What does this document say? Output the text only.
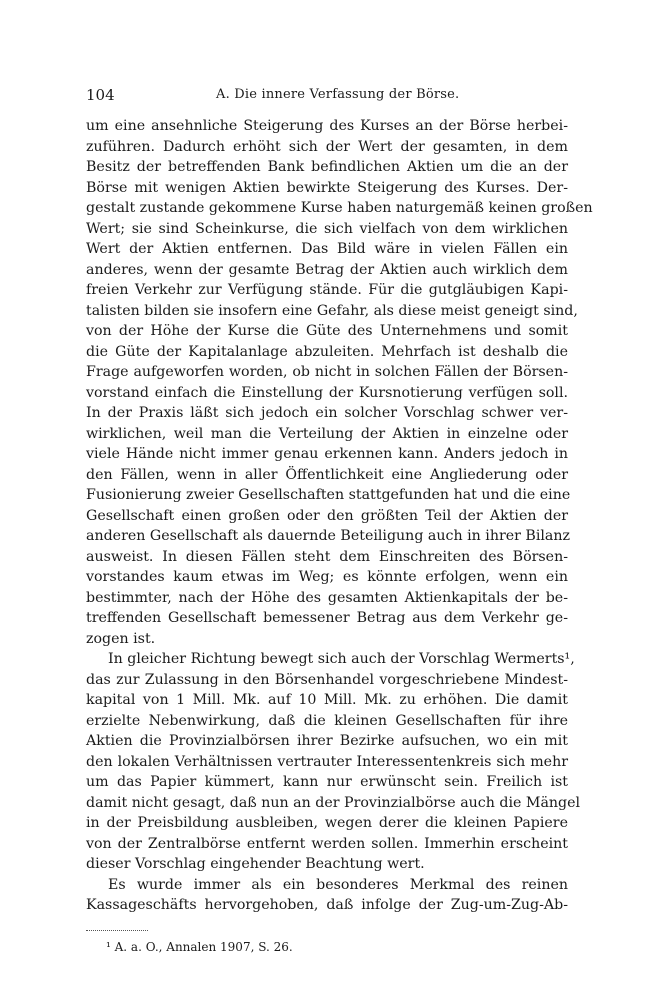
104	A. Die innere Verfassung der Börse.
um eine ansehnliche Steigerung des Kurses an der Börse herbei-
zuführen. Dadurch erhöht sich der Wert der gesamten, in dem
Besitz der betreffenden Bank befindlichen Aktien um die an der
Börse mit wenigen Aktien bewirkte Steigerung des Kurses. Der-
gestalt zustande gekommene Kurse haben naturgemäß keinen großen
Wert; sie sind Scheinkurse, die sich vielfach von dem wirklichen
Wert der Aktien entfernen. Das Bild wäre in vielen Fällen ein
anderes, wenn der gesamte Betrag der Aktien auch wirklich dem
freien Verkehr zur Verfügung stände. Für die gutgläubigen Kapi-
talisten bilden sie insofern eine Gefahr, als diese meist geneigt sind,
von der Höhe der Kurse die Güte des Unternehmens und somit
die Güte der Kapitalanlage abzuleiten. Mehrfach ist deshalb die
Frage aufgeworfen worden, ob nicht in solchen Fällen der Börsen-
vorstand einfach die Einstellung der Kursnotierung verfügen soll.
In der Praxis läßt sich jedoch ein solcher Vorschlag schwer ver-
wirklichen, weil man die Verteilung der Aktien in einzelne oder
viele Hände nicht immer genau erkennen kann. Anders jedoch in
den Fällen, wenn in aller Öffentlichkeit eine Angliederung oder
Fusionierung zweier Gesellschaften stattgefunden hat und die eine
Gesellschaft einen großen oder den größten Teil der Aktien der
anderen Gesellschaft als dauernde Beteiligung auch in ihrer Bilanz
ausweist. In diesen Fällen steht dem Einschreiten des Börsen-
vorstandes kaum etwas im Weg; es könnte erfolgen, wenn ein
bestimmter, nach der Höhe des gesamten Aktienkapitals der be-
treffenden Gesellschaft bemessener Betrag aus dem Verkehr ge-
zogen ist.
In gleicher Richtung bewegt sich auch der Vorschlag Wermerts¹,
das zur Zulassung in den Börsenhandel vorgeschriebene Mindest-
kapital von 1 Mill. Mk. auf 10 Mill. Mk. zu erhöhen. Die damit
erzielte Nebenwirkung, daß die kleinen Gesellschaften für ihre
Aktien die Provinzialbörsen ihrer Bezirke aufsuchen, wo ein mit
den lokalen Verhältnissen vertrauter Interessentenkreis sich mehr
um das Papier kümmert, kann nur erwünscht sein. Freilich ist
damit nicht gesagt, daß nun an der Provinzialbörse auch die Mängel
in der Preisbildung ausbleiben, wegen derer die kleinen Papiere
von der Zentralbörse entfernt werden sollen. Immerhin erscheint
dieser Vorschlag eingehender Beachtung wert.
Es wurde immer als ein besonderes Merkmal des reinen
Kassageschäfts hervorgehoben, daß infolge der Zug-um-Zug-Ab-
¹ A. a. O., Annalen 1907, S. 26.
